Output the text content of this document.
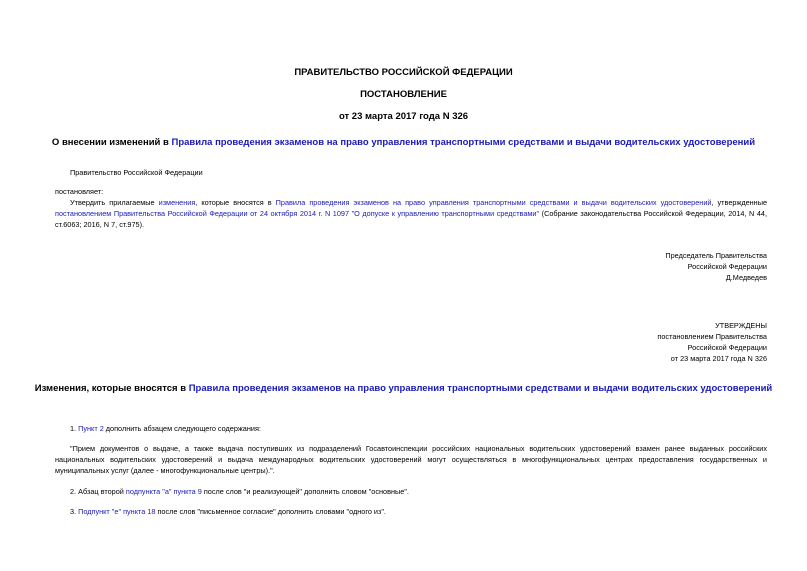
ПРАВИТЕЛЬСТВО РОССИЙСКОЙ ФЕДЕРАЦИИ
ПОСТАНОВЛЕНИЕ
от 23 марта 2017 года N 326
О внесении изменений в Правила проведения экзаменов на право управления транспортными средствами и выдачи водительских удостоверений
Правительство Российской Федерации
постановляет:
Утвердить прилагаемые изменения, которые вносятся в Правила проведения экзаменов на право управления транспортными средствами и выдачи водительских удостоверений, утвержденные постановлением Правительства Российской Федерации от 24 октября 2014 г. N 1097 "О допуске к управлению транспортными средствами" (Собрание законодательства Российской Федерации, 2014, N 44, ст.6063; 2016, N 7, ст.975).
Председатель Правительства
Российской Федерации
Д.Медведев
УТВЕРЖДЕНЫ
постановлением Правительства
Российской Федерации
от 23 марта 2017 года N 326
Изменения, которые вносятся в Правила проведения экзаменов на право управления транспортными средствами и выдачи водительских удостоверений
1. Пункт 2 дополнить абзацем следующего содержания:
"Прием документов о выдаче, а также выдача поступивших из подразделений Госавтоинспекции российских национальных водительских удостоверений взамен ранее выданных российских национальных водительских удостоверений и выдача международных водительских удостоверений могут осуществляться в многофункциональных центрах предоставления государственных и муниципальных услуг (далее - многофункциональные центры).".
2. Абзац второй подпункта "а" пункта 9 после слов "и реализующей" дополнить словом "основные".
3. Подпункт "е" пункта 18 после слов "письменное согласие" дополнить словами "одного из".
